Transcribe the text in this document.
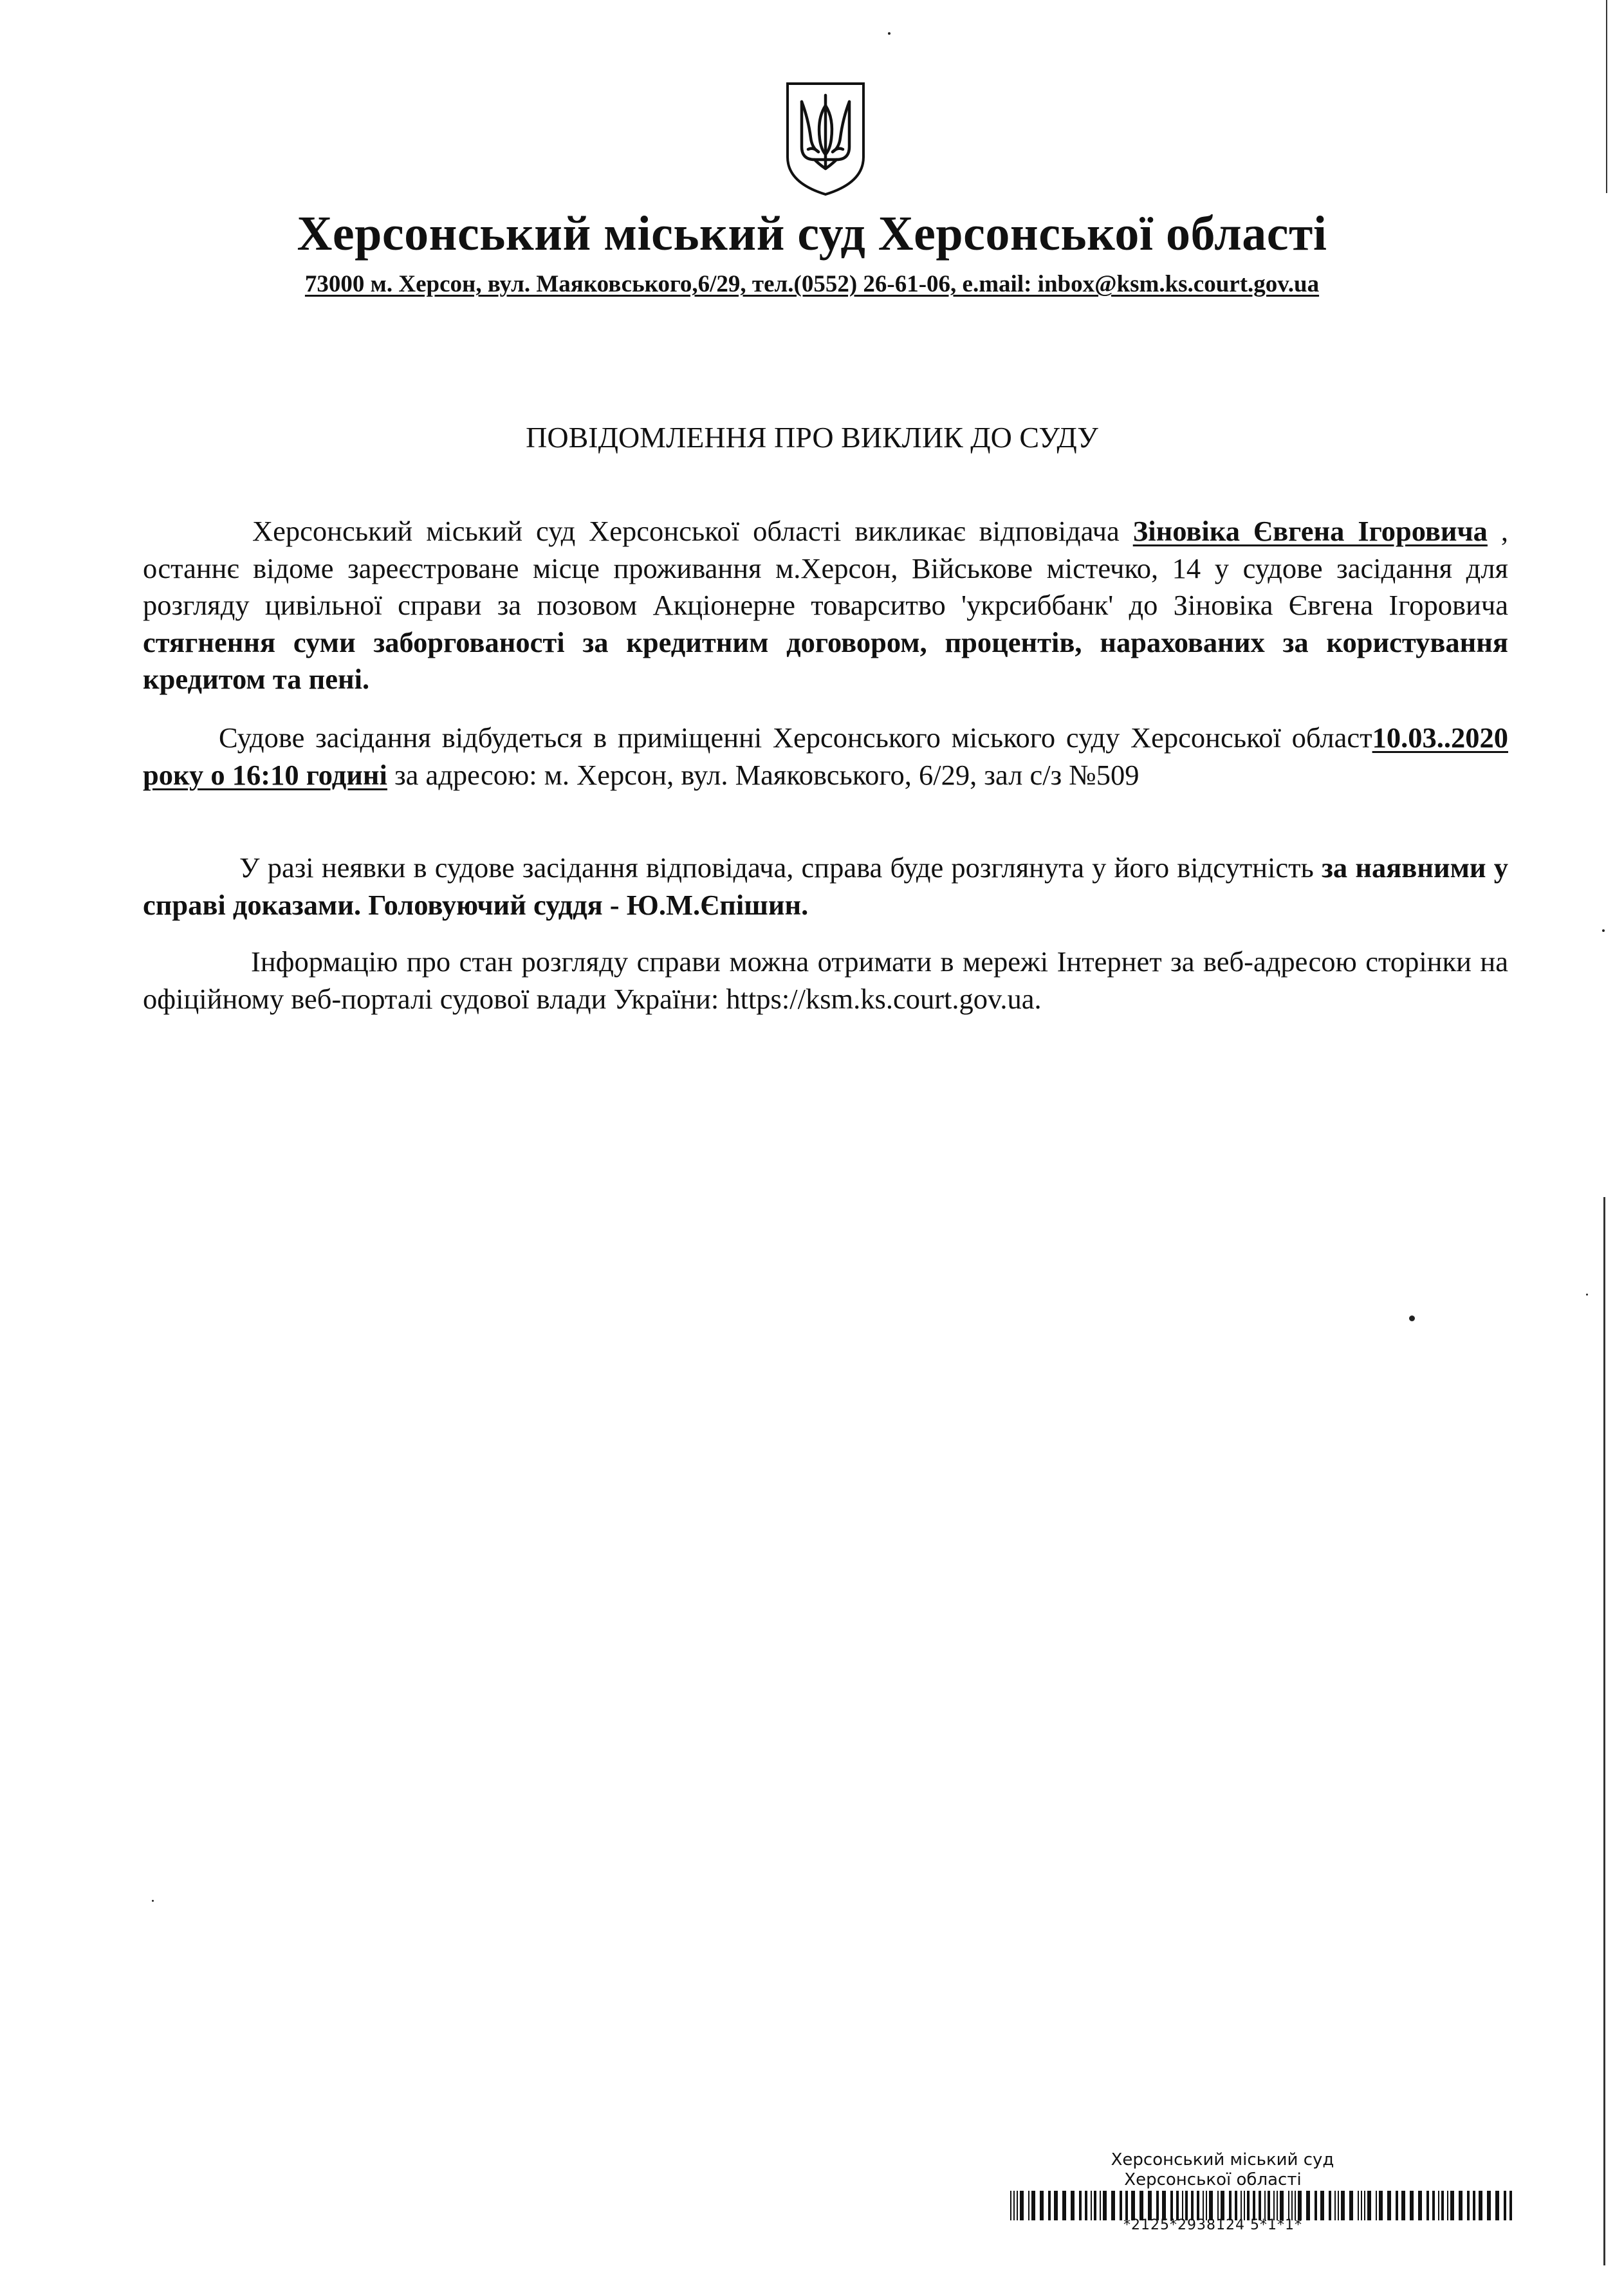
Херсонський міський суд Херсонської області
73000 м. Херсон, вул. Маяковського,6/29, тел.(0552) 26-61-06, e.mail: inbox@ksm.ks.court.gov.ua
ПОВІДОМЛЕННЯ ПРО ВИКЛИК ДО СУДУ
Херсонський міський суд Херсонської області викликає відповідача Зіновіка Євгена Ігоровича , останнє відоме зареєстроване місце проживання м.Херсон, Військове містечко, 14 у судове засідання для розгляду цивільної справи за позовом Акціонерне товарситво 'укрсиббанк' до Зіновіка Євгена Ігоровича стягнення суми заборгованості за кредитним договором, процентів, нарахованих за користування кредитом та пені.
Судове засідання відбудеться в приміщенні Херсонського міського суду Херсонської област10.03..2020 року о 16:10 годині за адресою: м. Херсон, вул. Маяковського, 6/29, зал с/з №509
У разі неявки в судове засідання відповідача, справа буде розглянута у його відсутність за наявними у справі доказами. Головуючий суддя - Ю.М.Єпішин.
Інформацію про стан розгляду справи можна отримати в мережі Інтернет за веб-адресою сторінки на офіційному веб-порталі судової влади України: https://ksm.ks.court.gov.ua.
Херсонський міський суд
Херсонської області
*2125*2938124 5*1*1*
